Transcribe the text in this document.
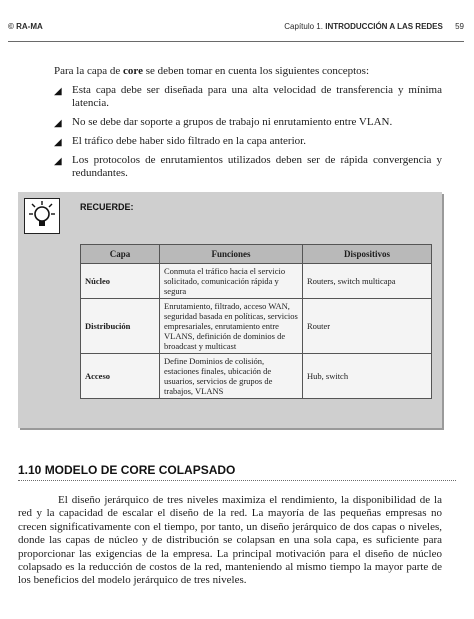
© RA-MA	Capítulo 1. INTRODUCCIÓN A LAS REDES 59
Para la capa de core se deben tomar en cuenta los siguientes conceptos:
◢ Esta capa debe ser diseñada para una alta velocidad de transferencia y mínima latencia.
◢ No se debe dar soporte a grupos de trabajo ni enrutamiento entre VLAN.
◢ El tráfico debe haber sido filtrado en la capa anterior.
◢ Los protocolos de enrutamientos utilizados deben ser de rápida convergencia y redundantes.
RECUERDE:
Capa	Funciones	Dispositivos
Núcleo	Conmuta el tráfico hacia el servicio solicitado, comunicación rápida y segura	Routers, switch multicapa
Distribución	Enrutamiento, filtrado, acceso WAN, seguridad basada en políticas, servicios empresariales, enrutamiento entre VLANS, definición de dominios de broadcast y multicast	Router
Acceso	Define Dominios de colisión, estaciones finales, ubicación de usuarios, servicios de grupos de trabajos, VLANS	Hub, switch
1.10 MODELO DE CORE COLAPSADO

El diseño jerárquico de tres niveles maximiza el rendimiento, la disponibilidad de la red y la capacidad de escalar el diseño de la red. La mayoría de las pequeñas empresas no crecen significativamente con el tiempo, por tanto, un diseño jerárquico de dos capas o niveles, donde las capas de núcleo y de distribución se colapsan en una sola capa, es suficiente para proporcionar las exigencias de la empresa. La principal motivación para el diseño de núcleo colapsado es la reducción de costos de la red, manteniendo al mismo tiempo la mayor parte de los beneficios del modelo jerárquico de tres niveles.
